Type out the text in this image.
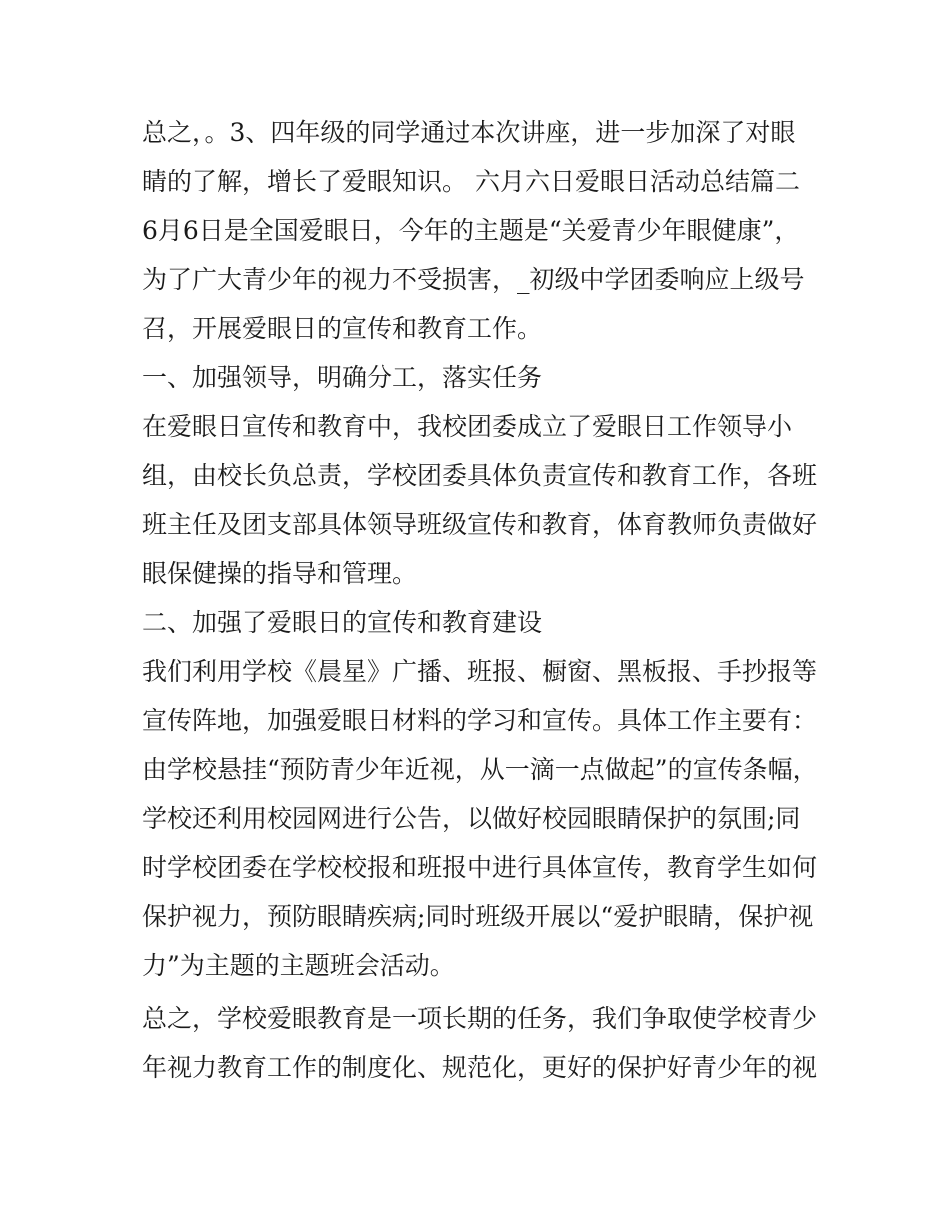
总之，。3、四年级的同学通过本次讲座，进一步加深了对眼
睛的了解，增长了爱眼知识。 六月六日爱眼日活动总结篇二
6月6日是全国爱眼日，今年的主题是“关爱青少年眼健康”，
为了广大青少年的视力不受损害，_初级中学团委响应上级号
召，开展爱眼日的宣传和教育工作。
一、加强领导，明确分工，落实任务
在爱眼日宣传和教育中，我校团委成立了爱眼日工作领导小
组，由校长负总责，学校团委具体负责宣传和教育工作，各班
班主任及团支部具体领导班级宣传和教育，体育教师负责做好
眼保健操的指导和管理。
二、加强了爱眼日的宣传和教育建设
我们利用学校《晨星》广播、班报、橱窗、黑板报、手抄报等
宣传阵地，加强爱眼日材料的学习和宣传。具体工作主要有：
由学校悬挂“预防青少年近视，从一滴一点做起”的宣传条幅，
学校还利用校园网进行公告，以做好校园眼睛保护的氛围;同
时学校团委在学校校报和班报中进行具体宣传，教育学生如何
保护视力，预防眼睛疾病;同时班级开展以“爱护眼睛，保护视
力”为主题的主题班会活动。
总之，学校爱眼教育是一项长期的任务，我们争取使学校青少
年视力教育工作的制度化、规范化，更好的保护好青少年的视
